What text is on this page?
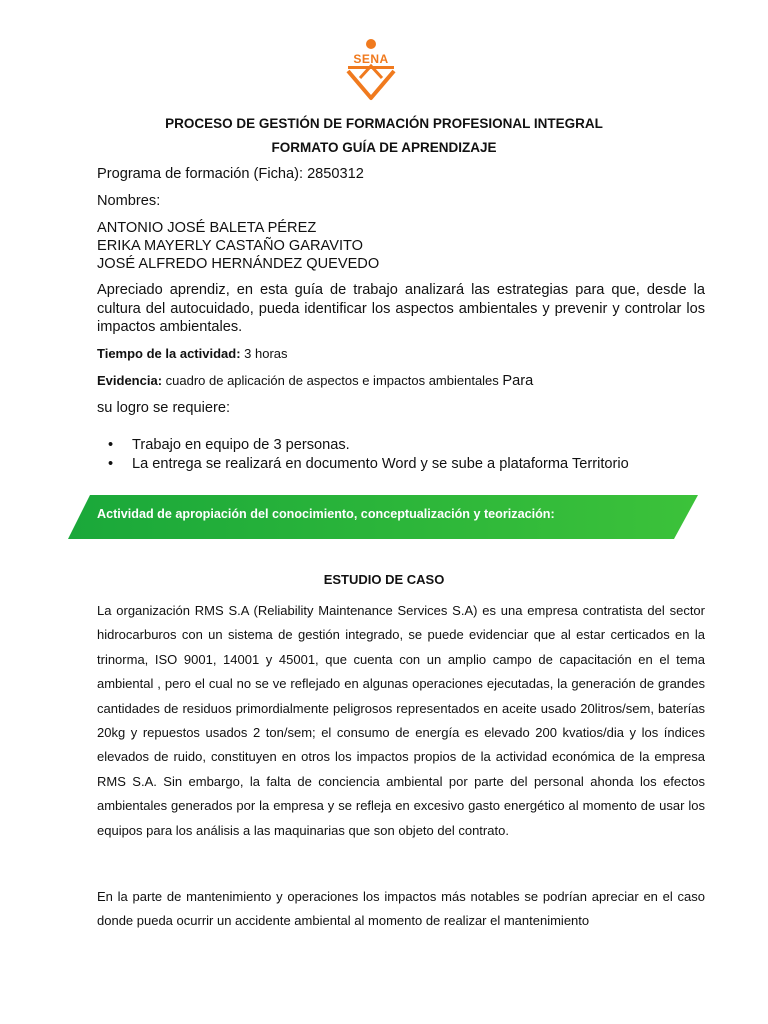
SENA
PROCESO DE GESTIÓN DE FORMACIÓN PROFESIONAL INTEGRAL
FORMATO GUÍA DE APRENDIZAJE
Programa de formación (Ficha): 2850312
Nombres:
ANTONIO JOSÉ BALETA PÉREZ
ERIKA MAYERLY CASTAÑO GARAVITO
JOSÉ ALFREDO HERNÁNDEZ QUEVEDO
Apreciado aprendiz, en esta guía de trabajo analizará las estrategias para que, desde la cultura del autocuidado, pueda identificar los aspectos ambientales y prevenir y controlar los impactos ambientales.
Tiempo de la actividad: 3 horas
Evidencia: cuadro de aplicación de aspectos e impactos ambientales Para
su logro se requiere:
• Trabajo en equipo de 3 personas.
• La entrega se realizará en documento Word y se sube a plataforma Territorio
Actividad de apropiación del conocimiento, conceptualización y teorización:
ESTUDIO DE CASO
La organización RMS S.A (Reliability Maintenance Services S.A) es una empresa contratista del sector hidrocarburos con un sistema de gestión integrado, se puede evidenciar que al estar certicados en la trinorma, ISO 9001, 14001 y 45001, que cuenta con un amplio campo de capacitación en el tema ambiental , pero el cual no se ve reflejado en algunas operaciones ejecutadas, la generación de grandes cantidades de residuos primordialmente peligrosos representados en aceite usado 20litros/sem, baterías 20kg y repuestos usados 2 ton/sem; el consumo de energía es elevado 200 kvatios/dia y los índices elevados de ruido, constituyen en otros los impactos propios de la actividad económica de la empresa RMS S.A. Sin embargo, la falta de conciencia ambiental por parte del personal ahonda los efectos ambientales generados por la empresa y se refleja en excesivo gasto energético al momento de usar los equipos para los análisis a las maquinarias que son objeto del contrato.
En la parte de mantenimiento y operaciones los impactos más notables se podrían apreciar en el caso donde pueda ocurrir un accidente ambiental al momento de realizar el mantenimiento
